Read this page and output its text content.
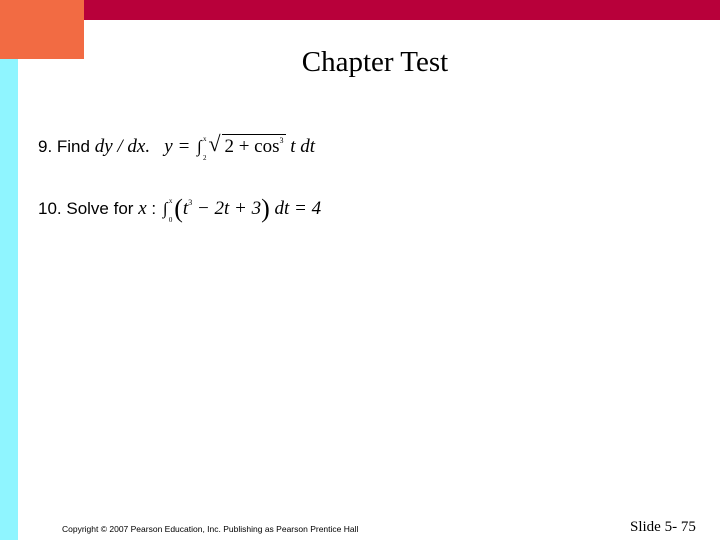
Chapter Test
9. Find dy / dx. y = ∫ x
2

√ $2 + \cos^3 t$ dt
10. Solve for x : ∫ x
0 $(t^3 - 2t + 3)$ dt = 4
Copyright © 2007 Pearson Education, Inc. Publishing as Pearson Prentice Hall	Slide 5- 75
